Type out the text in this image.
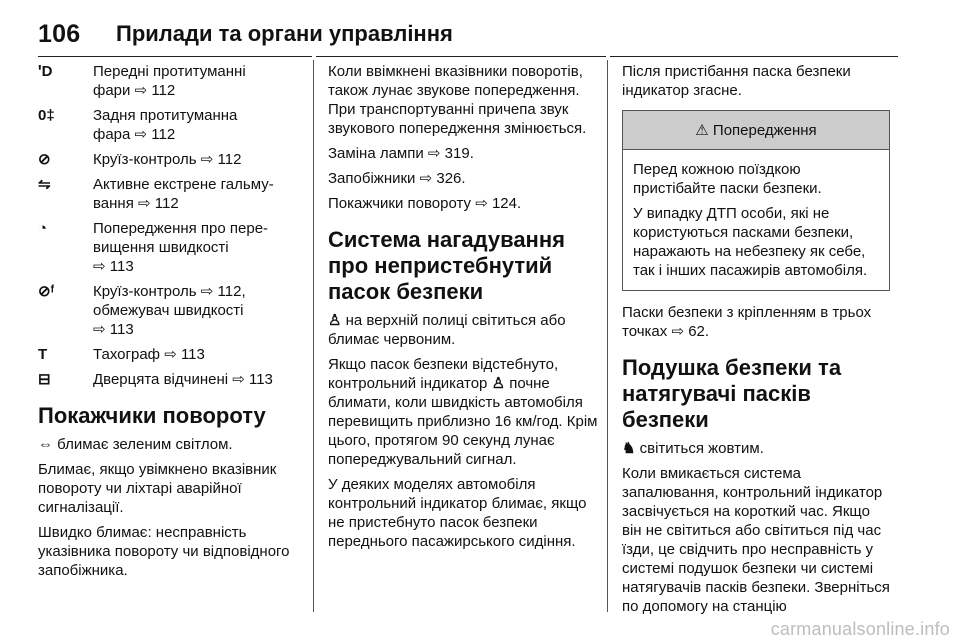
106 Прилади та органи управління
ꞌD	Передні протитуманні
фари ⇨ 112
0‡	Задня протитуманна
фара ⇨ 112
⊘	Круїз-контроль ⇨ 112
⇋	Активне екстрене гальму-
вання ⇨ 112
◔	Попередження про пере-
вищення швидкості
⇨ 113
⊘ᶠ	Круїз-контроль ⇨ 112,
обмежувач швидкості
⇨ 113
T	Тахограф ⇨ 113
⊟	Дверцята відчинені ⇨ 113
Покажчики повороту

⇔ блимає зеленим світлом.

Блимає, якщо увімкнено вказівник повороту чи ліхтарі аварійної сигналізації.

Швидко блимає: несправність указівника повороту чи відповідного запобіжника.

Коли ввімкнені вказівники поворотів, також лунає звукове попередження. При транспортуванні причепа звук звукового попередження змінюється.

Заміна лампи ⇨ 319.

Запобіжники ⇨ 326.

Покажчики повороту ⇨ 124.

Система нагадування про непристебнутий пасок безпеки

♙ на верхній полиці світиться або блимає червоним.

Якщо пасок безпеки відстебнуто, контрольний індикатор ♙ почне блимати, коли швидкість автомобіля перевищить приблизно 16 км/год. Крім цього, протягом 90 секунд лунає попереджувальний сигнал.

У деяких моделях автомобіля контрольний індикатор блимає, якщо не пристебнуто пасок безпеки переднього пасажирського сидіння.

Після пристібання паска безпеки індикатор згасне.

⚠ Попередження

Перед кожною поїздкою пристібайте паски безпеки.

У випадку ДТП особи, які не користуються пасками безпеки, наражають на небезпеку як себе, так і інших пасажирів автомобіля.

Паски безпеки з кріпленням в трьох точках ⇨ 62.

Подушка безпеки та натягувачі пасків безпеки

♞ світиться жовтим.

Коли вмикається система запалювання, контрольний індикатор засвічується на короткий час. Якщо він не світиться або світиться під час їзди, це свідчить про несправність у системі подушок безпеки чи системі натягувачів пасків безпеки. Зверніться по допомогу на станцію

carmanualsonline.info
